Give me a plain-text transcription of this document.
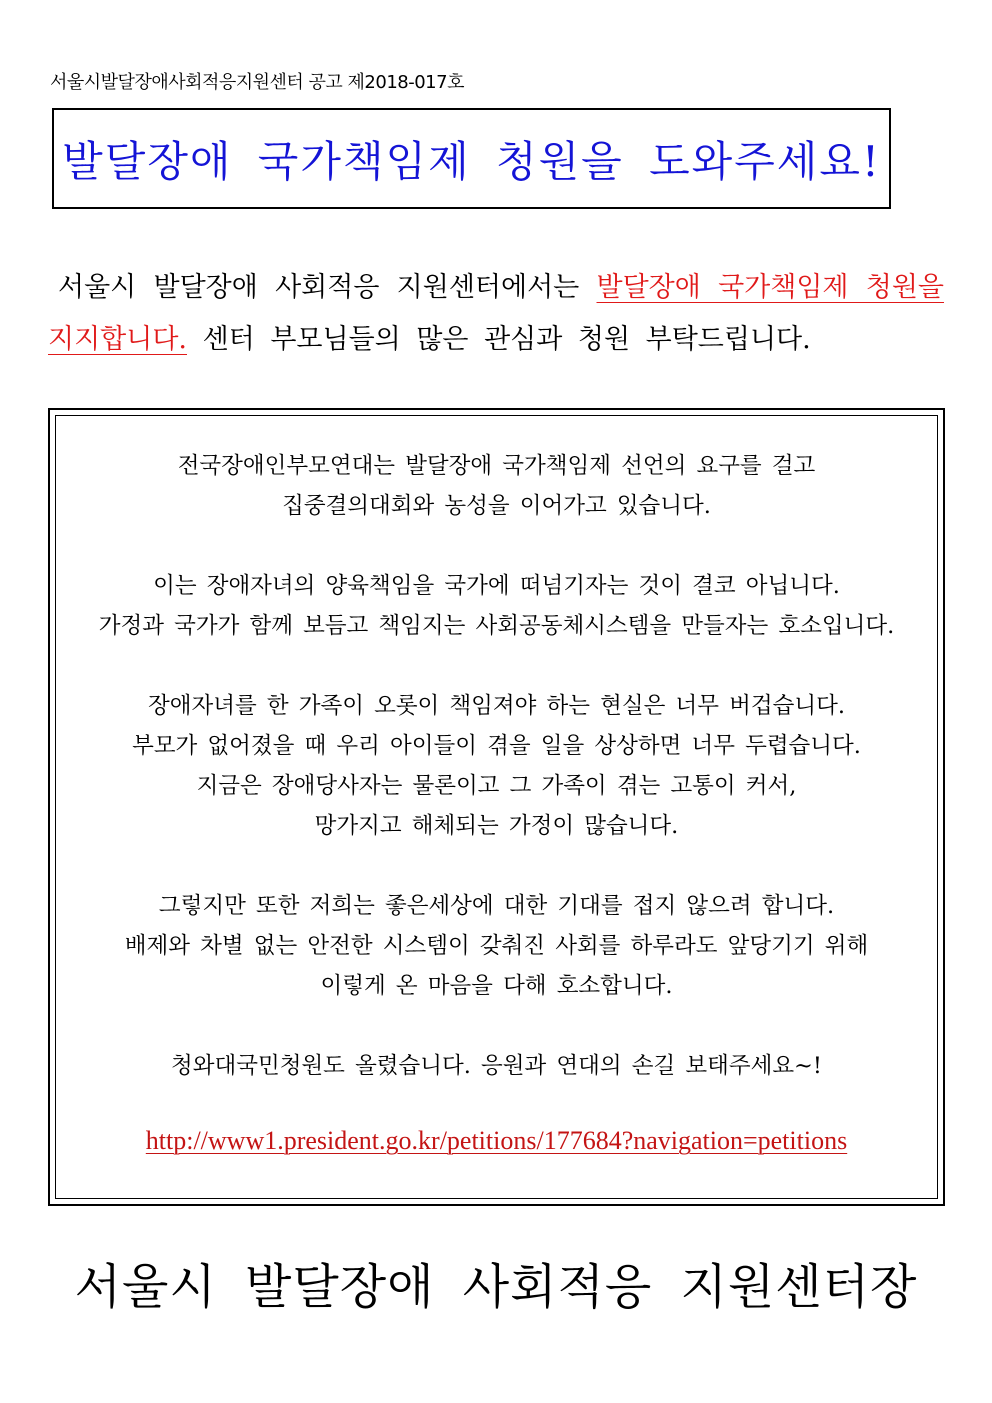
서울시발달장애사회적응지원센터 공고 제2018-017호
발달장애 국가책임제 청원을 도와주세요!
서울시 발달장애 사회적응 지원센터에서는 발달장애 국가책임제 청원을 지지합니다. 센터 부모님들의 많은 관심과 청원 부탁드립니다.

전국장애인부모연대는 발달장애 국가책임제 선언의 요구를 걸고

집중결의대회와 농성을 이어가고 있습니다.

이는 장애자녀의 양육책임을 국가에 떠넘기자는 것이 결코 아닙니다.

가정과 국가가 함께 보듬고 책임지는 사회공동체시스템을 만들자는 호소입니다.

장애자녀를 한 가족이 오롯이 책임져야 하는 현실은 너무 버겁습니다.

부모가 없어졌을 때 우리 아이들이 겪을 일을 상상하면 너무 두렵습니다.

지금은 장애당사자는 물론이고 그 가족이 겪는 고통이 커서,

망가지고 해체되는 가정이 많습니다.

그렇지만 또한 저희는 좋은세상에 대한 기대를 접지 않으려 합니다.

배제와 차별 없는 안전한 시스템이 갖춰진 사회를 하루라도 앞당기기 위해

이렇게 온 마음을 다해 호소합니다.

청와대국민청원도 올렸습니다. 응원과 연대의 손길 보태주세요~!

http://www1.president.go.kr/petitions/177684?navigation=petitions
서울시 발달장애 사회적응 지원센터장
